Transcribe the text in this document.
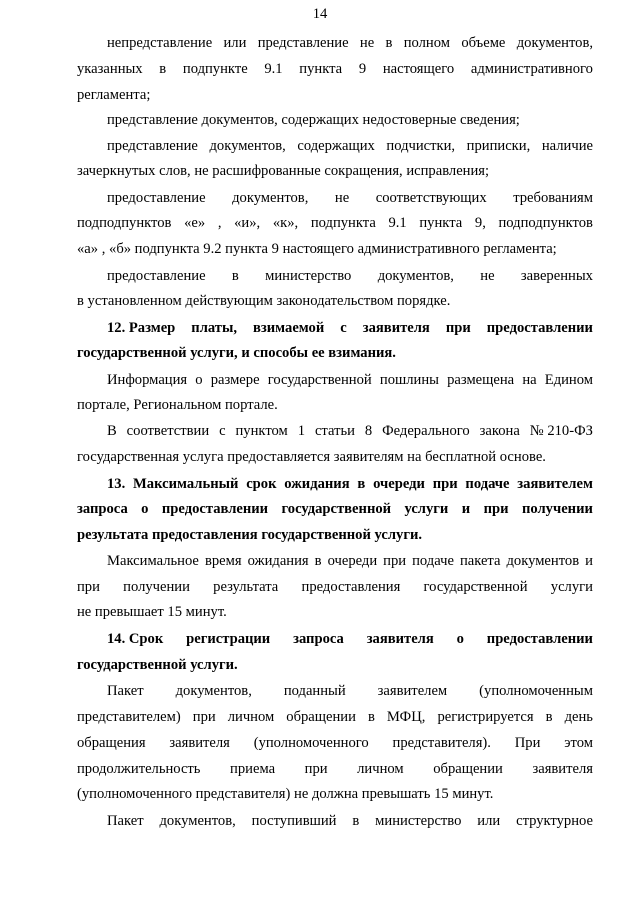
14
непредставление или представление не в полном объеме документов,
указанных в подпункте 9.1 пункта 9 настоящего административного
регламента;
представление документов, содержащих недостоверные сведения;
представление документов, содержащих подчистки, приписки, наличие
зачеркнутых слов, не расшифрованные сокращения, исправления;
предоставление документов, не соответствующих требованиям
подподпунктов «е» , «и», «к», подпункта 9.1 пункта 9, подподпунктов
«а» , «б» подпункта 9.2 пункта 9 настоящего административного регламента;
предоставление в министерство документов, не заверенных
в установленном действующим законодательством порядке.
12. Размер платы, взимаемой с заявителя при предоставлении
государственной услуги, и способы ее взимания.
Информация о размере государственной пошлины размещена на Едином
портале, Региональном портале.
В соответствии с пунктом 1 статьи 8 Федерального закона № 210-ФЗ
государственная услуга предоставляется заявителям на бесплатной основе.
13. Максимальный срок ожидания в очереди при подаче заявителем
запроса о предоставлении государственной услуги и при получении
результата предоставления государственной услуги.
Максимальное время ожидания в очереди при подаче пакета документов и
при получении результата предоставления государственной услуги
не превышает 15 минут.
14. Срок регистрации запроса заявителя о предоставлении
государственной услуги.
Пакет документов, поданный заявителем (уполномоченным
представителем) при личном обращении в МФЦ, регистрируется в день
обращения заявителя (уполномоченного представителя). При этом
продолжительность приема при личном обращении заявителя
(уполномоченного представителя) не должна превышать 15 минут.
Пакет документов, поступивший в министерство или структурное
